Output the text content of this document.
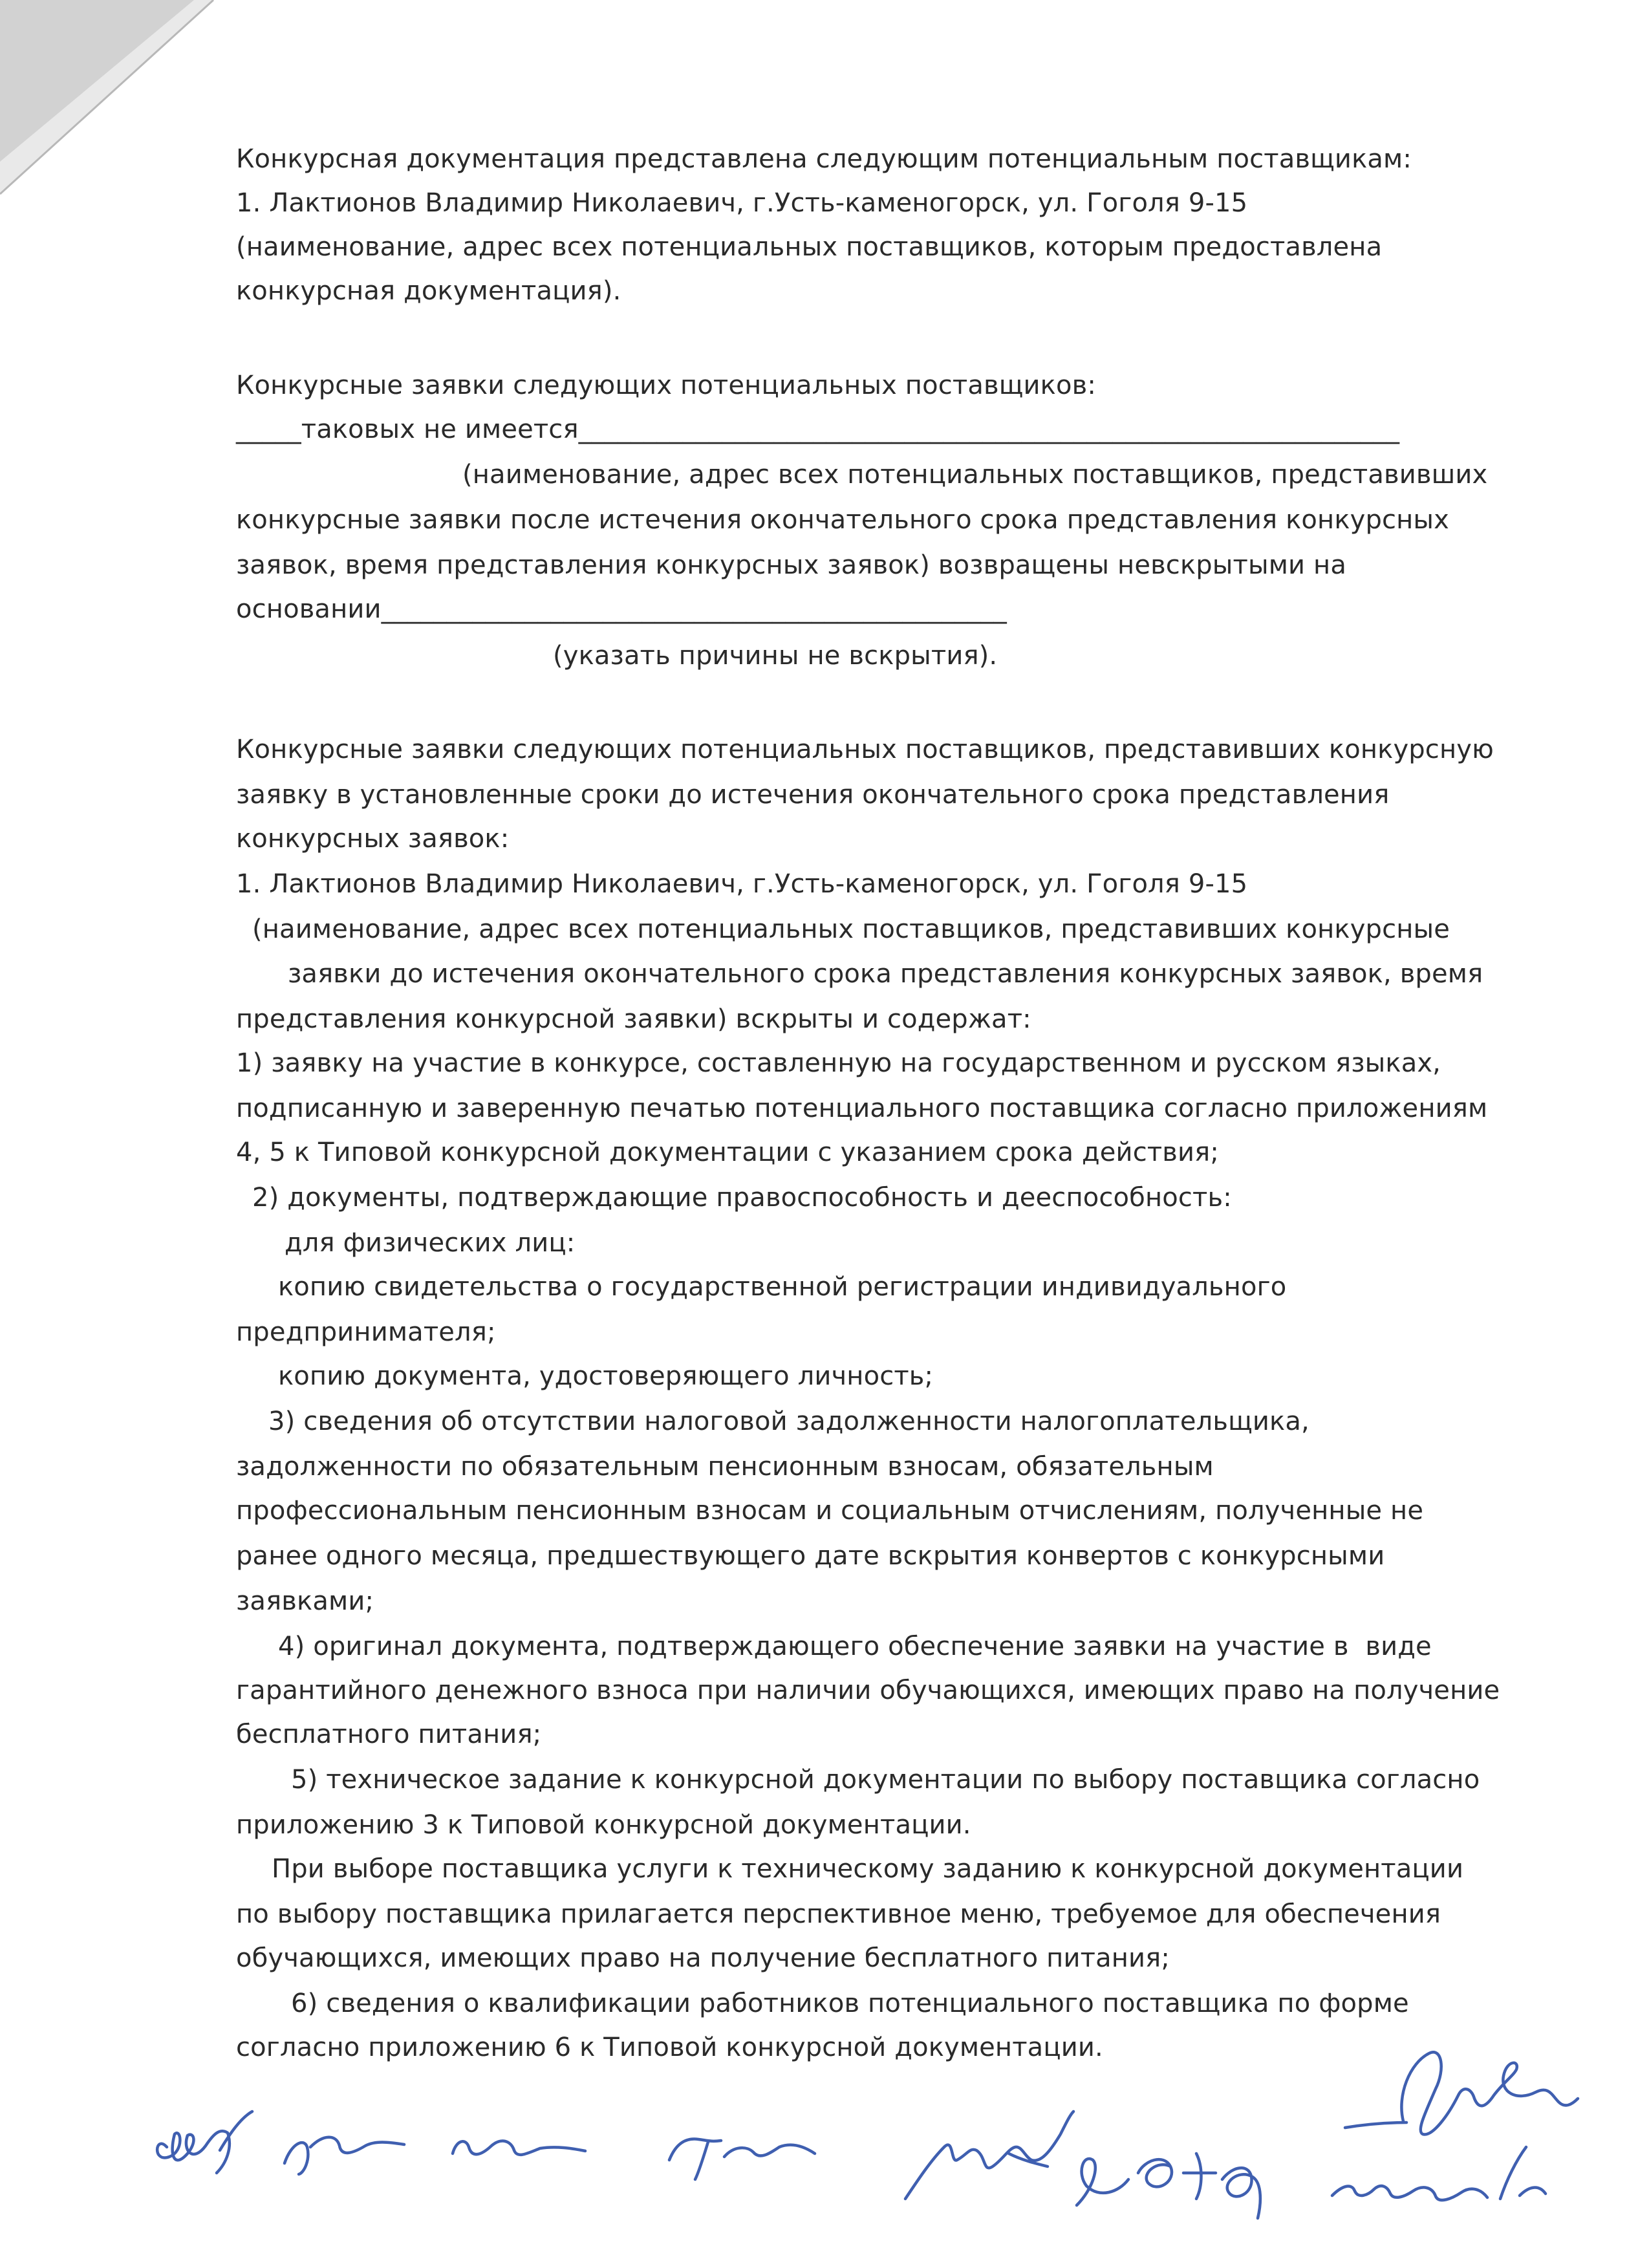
Конкурсная документация представлена следующим потенциальным поставщикам:
1. Лактионов Владимир Николаевич, г.Усть-каменогорск, ул. Гоголя 9-15
(наименование, адрес всех потенциальных поставщиков, которым предоставлена
конкурсная документация).
Конкурсные заявки следующих потенциальных поставщиков:
_____таковых не имеется_______________________________________________________________
(наименование, адрес всех потенциальных поставщиков, представивших
конкурсные заявки после истечения окончательного срока представления конкурсных
заявок, время представления конкурсных заявок) возвращены невскрытыми на
основании________________________________________________
(указать причины не вскрытия).
Конкурсные заявки следующих потенциальных поставщиков, представивших конкурсную
заявку в установленные сроки до истечения окончательного срока представления
конкурсных заявок:
1. Лактионов Владимир Николаевич, г.Усть-каменогорск, ул. Гоголя 9-15
(наименование, адрес всех потенциальных поставщиков, представивших конкурсные
заявки до истечения окончательного срока представления конкурсных заявок, время
представления конкурсной заявки) вскрыты и содержат:
1) заявку на участие в конкурсе, составленную на государственном и русском языках,
подписанную и заверенную печатью потенциального поставщика согласно приложениям
4, 5 к Типовой конкурсной документации с указанием срока действия;
2) документы, подтверждающие правоспособность и дееспособность:
для физических лиц:
копию свидетельства о государственной регистрации индивидуального
предпринимателя;
копию документа, удостоверяющего личность;
3) сведения об отсутствии налоговой задолженности налогоплательщика,
задолженности по обязательным пенсионным взносам, обязательным
профессиональным пенсионным взносам и социальным отчислениям, полученные не
ранее одного месяца, предшествующего дате вскрытия конвертов с конкурсными
заявками;
4) оригинал документа, подтверждающего обеспечение заявки на участие в  виде
гарантийного денежного взноса при наличии обучающихся, имеющих право на получение
бесплатного питания;
5) техническое задание к конкурсной документации по выбору поставщика согласно
приложению 3 к Типовой конкурсной документации.
При выборе поставщика услуги к техническому заданию к конкурсной документации
по выбору поставщика прилагается перспективное меню, требуемое для обеспечения
обучающихся, имеющих право на получение бесплатного питания;
6) сведения о квалификации работников потенциального поставщика по форме
согласно приложению 6 к Типовой конкурсной документации.
